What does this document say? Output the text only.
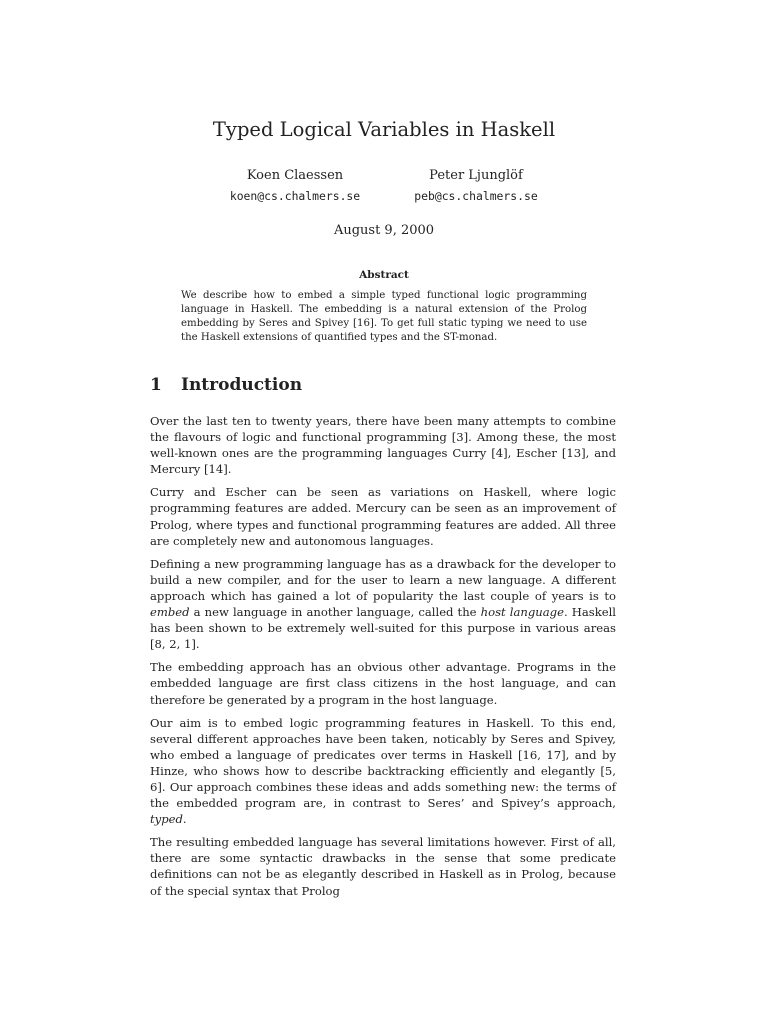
Typed Logical Variables in Haskell
Koen Claessen
koen@cs.chalmers.se
Peter Ljunglöf
peb@cs.chalmers.se
August 9, 2000
Abstract
We describe how to embed a simple typed functional logic programming language in Haskell. The embedding is a natural extension of the Prolog embedding by Seres and Spivey [16]. To get full static typing we need to use the Haskell extensions of quantified types and the ST-monad.
1 Introduction

Over the last ten to twenty years, there have been many attempts to combine the flavours of logic and functional programming [3]. Among these, the most well-known ones are the programming languages Curry [4], Escher [13], and Mercury [14].

Curry and Escher can be seen as variations on Haskell, where logic programming features are added. Mercury can be seen as an improvement of Prolog, where types and functional programming features are added. All three are completely new and autonomous languages.

Defining a new programming language has as a drawback for the developer to build a new compiler, and for the user to learn a new language. A different approach which has gained a lot of popularity the last couple of years is to embed a new language in another language, called the host language. Haskell has been shown to be extremely well-suited for this purpose in various areas [8, 2, 1].

The embedding approach has an obvious other advantage. Programs in the embedded language are first class citizens in the host language, and can therefore be generated by a program in the host language.

Our aim is to embed logic programming features in Haskell. To this end, several different approaches have been taken, noticably by Seres and Spivey, who embed a language of predicates over terms in Haskell [16, 17], and by Hinze, who shows how to describe backtracking efficiently and elegantly [5, 6]. Our approach combines these ideas and adds something new: the terms of the embedded program are, in contrast to Seres’ and Spivey’s approach, typed.

The resulting embedded language has several limitations however. First of all, there are some syntactic drawbacks in the sense that some predicate definitions can not be as elegantly described in Haskell as in Prolog, because of the special syntax that Prolog
